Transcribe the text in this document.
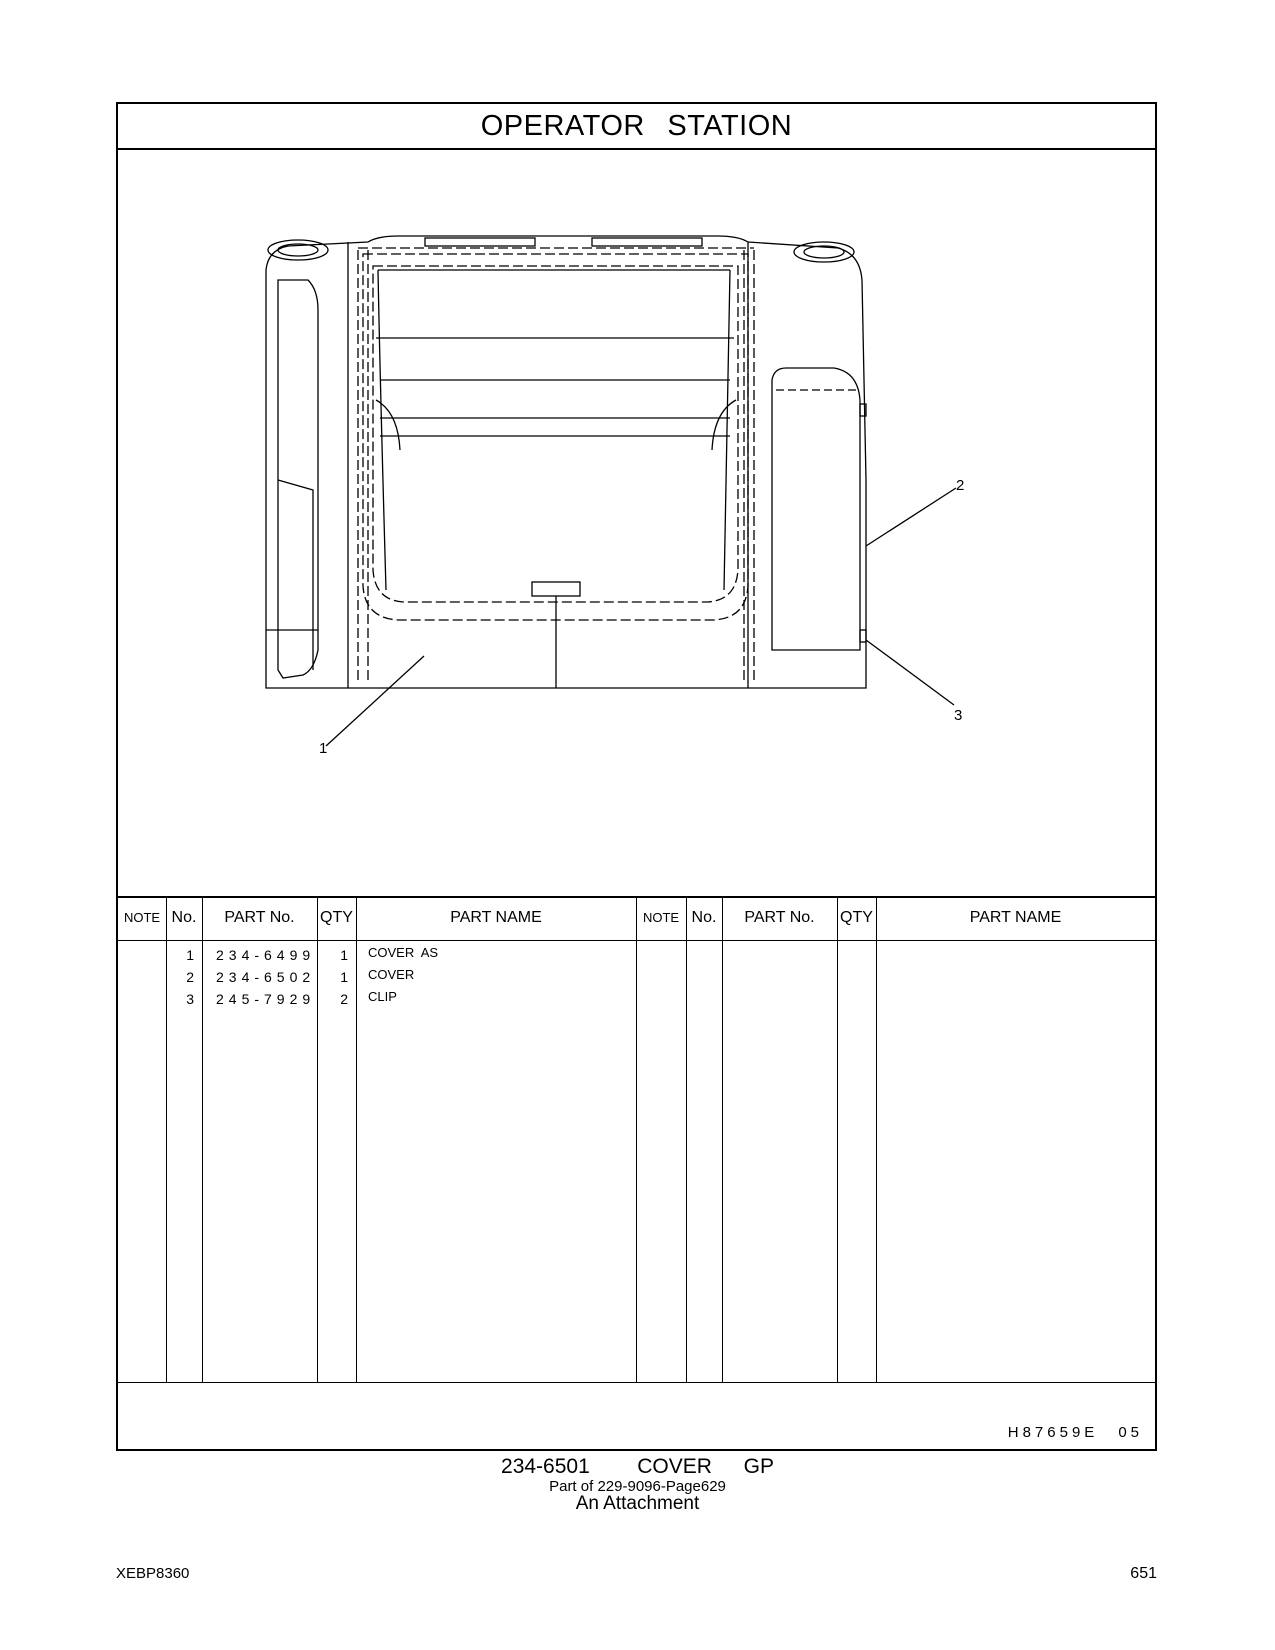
OPERATOR STATION
1
2
3
NOTE No.	PART No.	QTY	PART NAME	NOTE No.	PART No.	QTY	PART NAME
1 234-6499	1 COVER  AS
2 234-6502	1 COVER
3 245-7929	2 CLIP
H87659E 05
234-6501   COVER  GP
Part of 229-9096-Page629
An Attachment
XEBP8360	651
